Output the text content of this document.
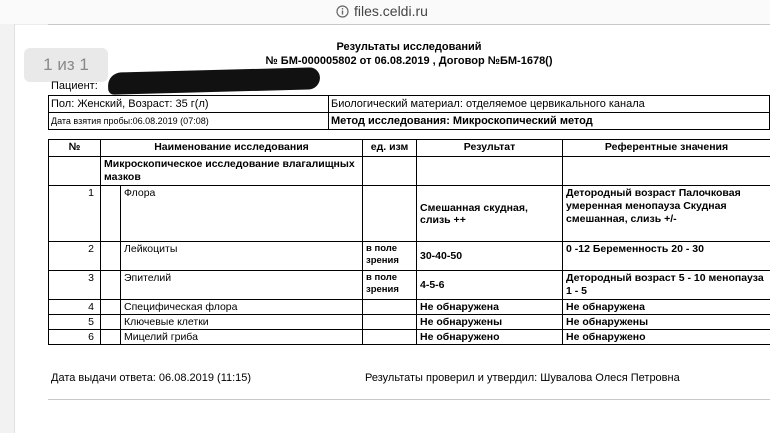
files.celdi.ru
1 из 1
Результаты исследований
№ БМ-000005802 от 06.08.2019 , Договор №БМ-1678()
Пациент:
Пол: Женский, Возраст: 35 г(л)	Биологический материал: отделяемое цервикального канала
Дата взятия пробы:06.08.2019 (07:08)	Метод исследования: Микроскопический метод
№	Наименование исследования		ед. изм	Результат	Референтные значения
	Микроскопическое исследование влагалищных мазков				
1		Флора		Смешанная скудная, слизь ++	Детородный возраст Палочковая умеренная менопауза Скудная смешанная, слизь +/-
2		Лейкоциты	в поле зрения	30-40-50	0 -12 Беременность 20 - 30
3		Эпителий	в поле зрения	4-5-6	Детородный возраст 5 - 10 менопауза 1 - 5
4		Специфическая флора		Не обнаружена	Не обнаружена
5		Ключевые клетки		Не обнаружены	Не обнаружены
6		Мицелий гриба		Не обнаружено	Не обнаружено
Дата выдачи ответа: 06.08.2019 (11:15)	Результаты проверил и утвердил: Шувалова Олеся Петровна
